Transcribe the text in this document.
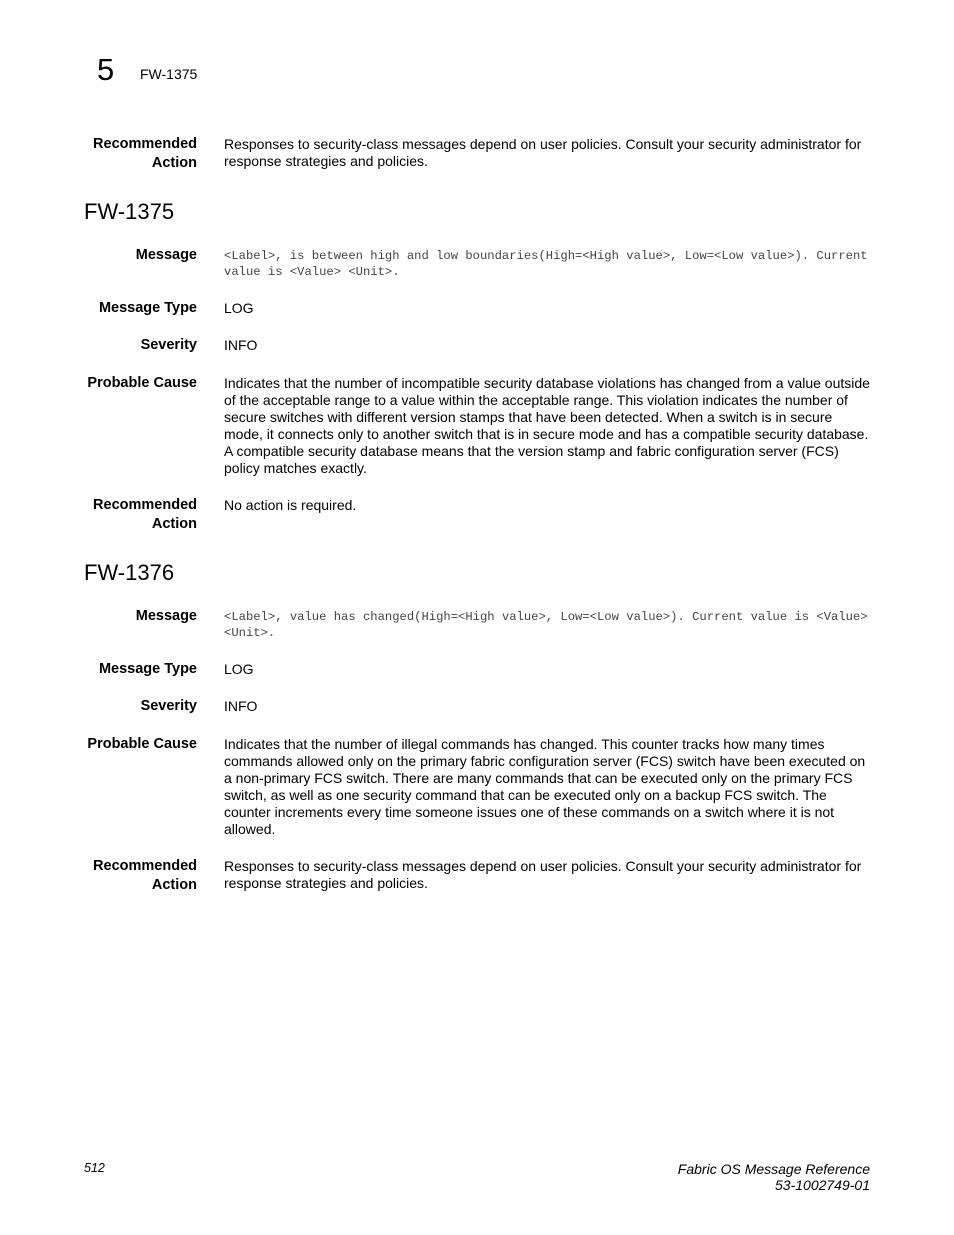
5 FW-1375
Recommended Action
Responses to security-class messages depend on user policies. Consult your security administrator for response strategies and policies.
FW-1375
Message <Label>, is between high and low boundaries(High=<High value>, Low=<Low value>). Current value is <Value> <Unit>.
Message Type LOG
Severity INFO
Probable Cause Indicates that the number of incompatible security database violations has changed from a value outside of the acceptable range to a value within the acceptable range. This violation indicates the number of secure switches with different version stamps that have been detected. When a switch is in secure mode, it connects only to another switch that is in secure mode and has a compatible security database. A compatible security database means that the version stamp and fabric configuration server (FCS) policy matches exactly.
Recommended Action
No action is required.
FW-1376
Message <Label>, value has changed(High=<High value>, Low=<Low value>). Current value is <Value> <Unit>.
Message Type LOG
Severity INFO
Probable Cause Indicates that the number of illegal commands has changed. This counter tracks how many times commands allowed only on the primary fabric configuration server (FCS) switch have been executed on a non-primary FCS switch. There are many commands that can be executed only on the primary FCS switch, as well as one security command that can be executed only on a backup FCS switch. The counter increments every time someone issues one of these commands on a switch where it is not allowed.
Recommended Action
Responses to security-class messages depend on user policies. Consult your security administrator for response strategies and policies.
512	Fabric OS Message Reference
53-1002749-01
